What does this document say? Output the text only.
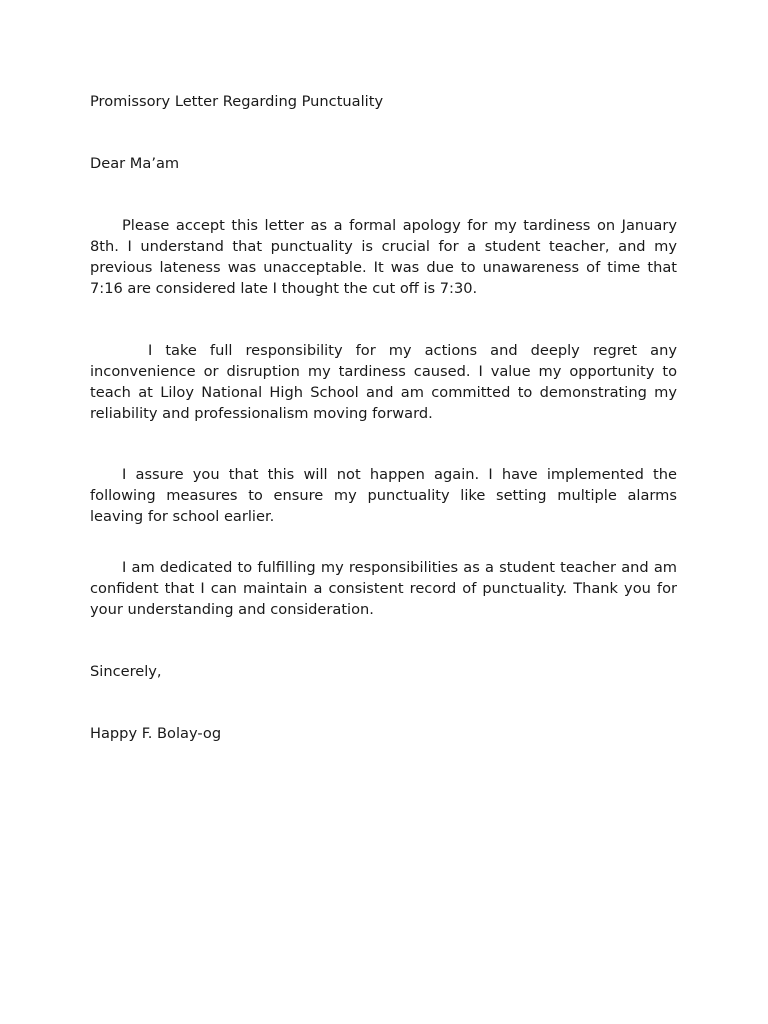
Promissory Letter Regarding Punctuality

Dear Ma’am

Please accept this letter as a formal apology for my tardiness on January 8th. I understand that punctuality is crucial for a student teacher, and my previous lateness was unacceptable. It was due to unawareness of time that 7:16 are considered late I thought the cut off is 7:30.

I take full responsibility for my actions and deeply regret any inconvenience or disruption my tardiness caused. I value my opportunity to teach at Liloy National High School and am committed to demonstrating my reliability and professionalism moving forward.

I assure you that this will not happen again. I have implemented the following measures to ensure my punctuality like setting multiple alarms leaving for school earlier.

I am dedicated to fulfilling my responsibilities as a student teacher and am confident that I can maintain a consistent record of punctuality. Thank you for your understanding and consideration.

Sincerely,

Happy F. Bolay-og
